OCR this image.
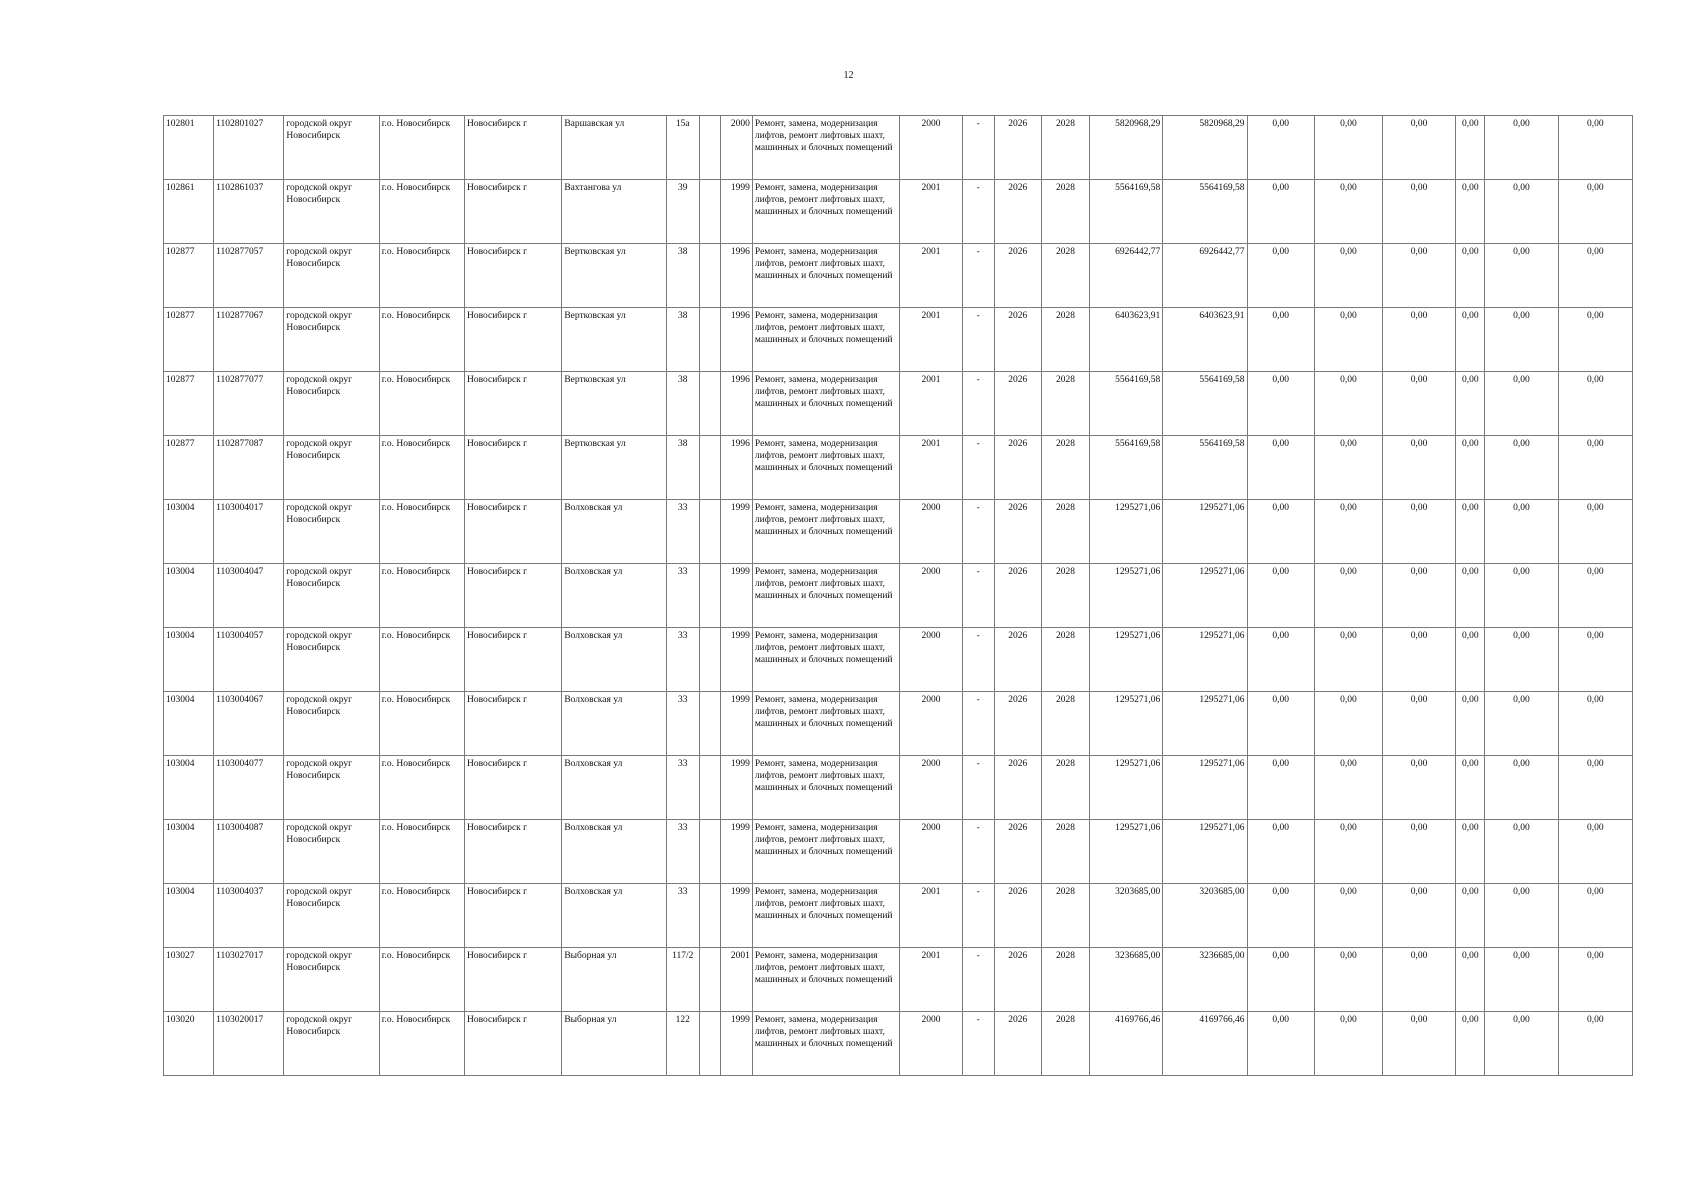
12
102801	1102801027	городской округ Новосибирск	г.о. Новосибирск	Новосибирск г	Варшавская ул	15а		2000	Ремонт, замена, модернизация лифтов, ремонт лифтовых шахт, машинных и блочных помещений	2000	-	2026	2028	5820968,29	5820968,29	0,00	0,00	0,00	0,00	0,00	0,00
102861	1102861037	городской округ Новосибирск	г.о. Новосибирск	Новосибирск г	Вахтангова ул	39		1999	Ремонт, замена, модернизация лифтов, ремонт лифтовых шахт, машинных и блочных помещений	2001	-	2026	2028	5564169,58	5564169,58	0,00	0,00	0,00	0,00	0,00	0,00
102877	1102877057	городской округ Новосибирск	г.о. Новосибирск	Новосибирск г	Вертковская ул	38		1996	Ремонт, замена, модернизация лифтов, ремонт лифтовых шахт, машинных и блочных помещений	2001	-	2026	2028	6926442,77	6926442,77	0,00	0,00	0,00	0,00	0,00	0,00
102877	1102877067	городской округ Новосибирск	г.о. Новосибирск	Новосибирск г	Вертковская ул	38		1996	Ремонт, замена, модернизация лифтов, ремонт лифтовых шахт, машинных и блочных помещений	2001	-	2026	2028	6403623,91	6403623,91	0,00	0,00	0,00	0,00	0,00	0,00
102877	1102877077	городской округ Новосибирск	г.о. Новосибирск	Новосибирск г	Вертковская ул	38		1996	Ремонт, замена, модернизация лифтов, ремонт лифтовых шахт, машинных и блочных помещений	2001	-	2026	2028	5564169,58	5564169,58	0,00	0,00	0,00	0,00	0,00	0,00
102877	1102877087	городской округ Новосибирск	г.о. Новосибирск	Новосибирск г	Вертковская ул	38		1996	Ремонт, замена, модернизация лифтов, ремонт лифтовых шахт, машинных и блочных помещений	2001	-	2026	2028	5564169,58	5564169,58	0,00	0,00	0,00	0,00	0,00	0,00
103004	1103004017	городской округ Новосибирск	г.о. Новосибирск	Новосибирск г	Волховская ул	33		1999	Ремонт, замена, модернизация лифтов, ремонт лифтовых шахт, машинных и блочных помещений	2000	-	2026	2028	1295271,06	1295271,06	0,00	0,00	0,00	0,00	0,00	0,00
103004	1103004047	городской округ Новосибирск	г.о. Новосибирск	Новосибирск г	Волховская ул	33		1999	Ремонт, замена, модернизация лифтов, ремонт лифтовых шахт, машинных и блочных помещений	2000	-	2026	2028	1295271,06	1295271,06	0,00	0,00	0,00	0,00	0,00	0,00
103004	1103004057	городской округ Новосибирск	г.о. Новосибирск	Новосибирск г	Волховская ул	33		1999	Ремонт, замена, модернизация лифтов, ремонт лифтовых шахт, машинных и блочных помещений	2000	-	2026	2028	1295271,06	1295271,06	0,00	0,00	0,00	0,00	0,00	0,00
103004	1103004067	городской округ Новосибирск	г.о. Новосибирск	Новосибирск г	Волховская ул	33		1999	Ремонт, замена, модернизация лифтов, ремонт лифтовых шахт, машинных и блочных помещений	2000	-	2026	2028	1295271,06	1295271,06	0,00	0,00	0,00	0,00	0,00	0,00
103004	1103004077	городской округ Новосибирск	г.о. Новосибирск	Новосибирск г	Волховская ул	33		1999	Ремонт, замена, модернизация лифтов, ремонт лифтовых шахт, машинных и блочных помещений	2000	-	2026	2028	1295271,06	1295271,06	0,00	0,00	0,00	0,00	0,00	0,00
103004	1103004087	городской округ Новосибирск	г.о. Новосибирск	Новосибирск г	Волховская ул	33		1999	Ремонт, замена, модернизация лифтов, ремонт лифтовых шахт, машинных и блочных помещений	2000	-	2026	2028	1295271,06	1295271,06	0,00	0,00	0,00	0,00	0,00	0,00
103004	1103004037	городской округ Новосибирск	г.о. Новосибирск	Новосибирск г	Волховская ул	33		1999	Ремонт, замена, модернизация лифтов, ремонт лифтовых шахт, машинных и блочных помещений	2001	-	2026	2028	3203685,00	3203685,00	0,00	0,00	0,00	0,00	0,00	0,00
103027	1103027017	городской округ Новосибирск	г.о. Новосибирск	Новосибирск г	Выборная ул	117/2		2001	Ремонт, замена, модернизация лифтов, ремонт лифтовых шахт, машинных и блочных помещений	2001	-	2026	2028	3236685,00	3236685,00	0,00	0,00	0,00	0,00	0,00	0,00
103020	1103020017	городской округ Новосибирск	г.о. Новосибирск	Новосибирск г	Выборная ул	122		1999	Ремонт, замена, модернизация лифтов, ремонт лифтовых шахт, машинных и блочных помещений	2000	-	2026	2028	4169766,46	4169766,46	0,00	0,00	0,00	0,00	0,00	0,00
